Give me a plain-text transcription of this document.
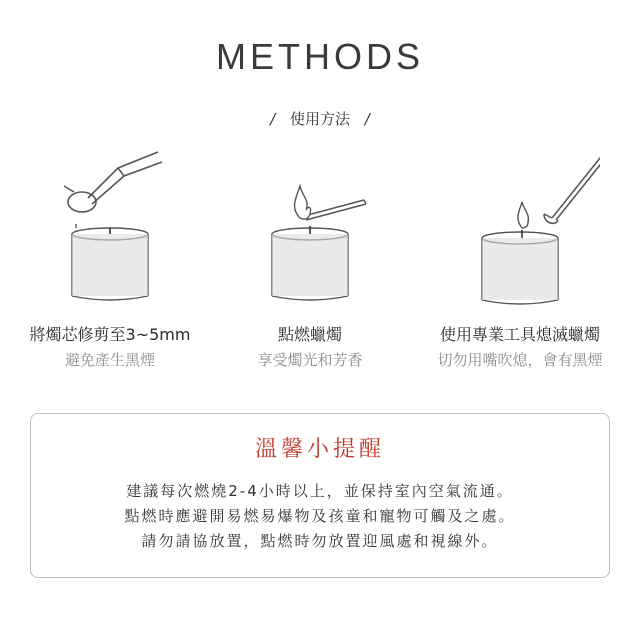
METHODS
/ 使用方法 /
將燭芯修剪至3~5mm
避免產生黑煙
點燃蠟燭
享受燭光和芳香
使用專業工具熄滅蠟燭
切勿用嘴吹熄，會有黑煙
溫馨小提醒
建議每次燃燒2-4小時以上，並保持室內空氣流通。
點燃時應避開易燃易爆物及孩童和寵物可觸及之處。
請勿請協放置，點燃時勿放置迎風處和視線外。
